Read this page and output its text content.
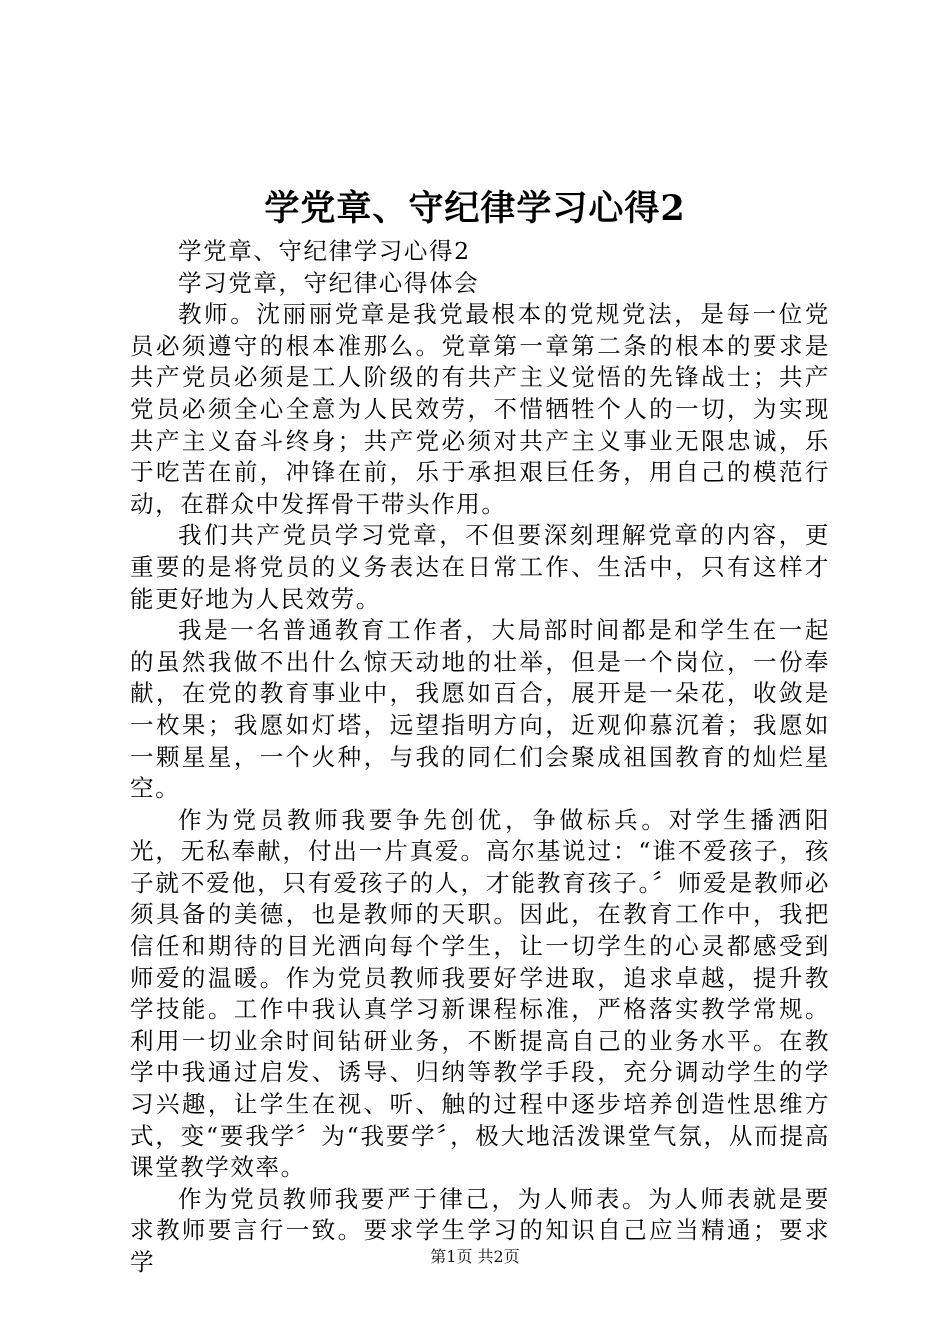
学党章、守纪律学习心得2

学党章、守纪律学习心得2

学习党章，守纪律心得体会

教师。沈丽丽党章是我党最根本的党规党法，是每一位党员必须遵守的根本准那么。党章第一章第二条的根本的要求是共产党员必须是工人阶级的有共产主义觉悟的先锋战士；共产党员必须全心全意为人民效劳，不惜牺牲个人的一切，为实现共产主义奋斗终身；共产党必须对共产主义事业无限忠诚，乐于吃苦在前，冲锋在前，乐于承担艰巨任务，用自己的模范行动，在群众中发挥骨干带头作用。

我们共产党员学习党章，不但要深刻理解党章的内容，更重要的是将党员的义务表达在日常工作、生活中，只有这样才能更好地为人民效劳。

我是一名普通教育工作者，大局部时间都是和学生在一起的虽然我做不出什么惊天动地的壮举，但是一个岗位，一份奉献，在党的教育事业中，我愿如百合，展开是一朵花，收敛是一枚果；我愿如灯塔，远望指明方向，近观仰慕沉着；我愿如一颗星星，一个火种，与我的同仁们会聚成祖国教育的灿烂星空。

作为党员教师我要争先创优，争做标兵。对学生播洒阳光，无私奉献，付出一片真爱。高尔基说过：“谁不爱孩子，孩子就不爱他，只有爱孩子的人，才能教育孩子。〞师爱是教师必须具备的美德，也是教师的天职。因此，在教育工作中，我把信任和期待的目光洒向每个学生，让一切学生的心灵都感受到师爱的温暖。作为党员教师我要好学进取，追求卓越，提升教学技能。工作中我认真学习新课程标准，严格落实教学常规。利用一切业余时间钻研业务，不断提高自己的业务水平。在教学中我通过启发、诱导、归纳等教学手段，充分调动学生的学习兴趣，让学生在视、听、触的过程中逐步培养创造性思维方式，变“要我学〞为“我要学〞，极大地活泼课堂气氛，从而提高课堂教学效率。

作为党员教师我要严于律己，为人师表。为人师表就是要求教师要言行一致。要求学生学习的知识自己应当精通；要求学	第1页 共2页
